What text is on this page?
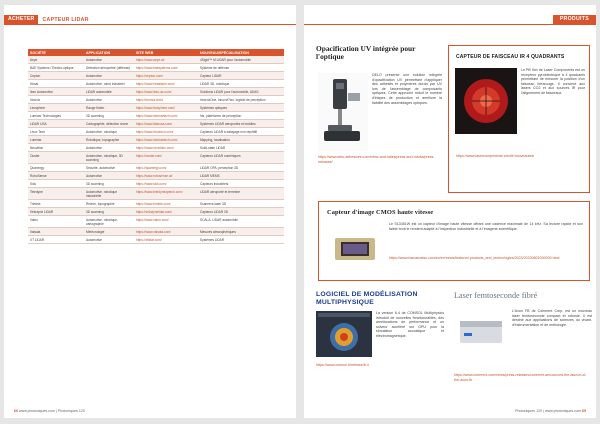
ACHETER	CAPTEUR LIDAR
SOCIÉTÉ	APPLICATION	SITE WEB	NOUVEAU/SPÉCIALISATION
Aeye	Automotive	https://www.aeye.ai/	4Sight™ M LiDAR pour l'automobile
BAE Systems / Electro-optique	Détection aéroportée (défense)	https://www.baesystems.com/	Système de défense
Cepton	Automotive	https://cepton.com/	Capteur LiDAR
Hesai	Automotive, robot industriel	https://www.hesaitech.com/	LiDAR 3D, robotique
Ibeo Automotive	LiDAR automobile	https://www.ibeo-as.com/	Solutions LiDAR pour l'automobile, ADAS
Innoviz	Automotive	https://innoviz.tech/	InnovizOne, InnovizTwo, logiciel de perception
Leosphere	Range finder	https://www.leosphere.com/	Systèmes optiques
Luminar Technologies	3D scanning	https://www.luminartech.com/	Iris, plateforme de perception
LiDAR USA	Cartographie, détection drone	https://www.lidarusa.com/	Systèmes LiDAR aéroportés et mobiles
Livox Tech	Automotive, robotique	https://www.livoxtech.com/	Capteurs LiDAR à balayage non répétitif
Luminar	Robotique, topographie	https://www.luminartech.com/	Mapping, localisation
Neuvition	Automotive	https://www.neuvition.com/	Solid-state LiDAR
Ouster	Automotive, robotique, 3D scanning	https://ouster.com/	Capteurs LiDAR numériques
Quanergy	Sécurité, automotive	https://quanergy.com/	LiDAR OPA, perception 3D
RoboSense	Automotive	https://www.robosense.ai/	LiDAR MEMS
Sick	3D scanning	https://www.sick.com/	Capteurs industriels
Teledyne	Automotive, robotique industrielle	https://www.teledyneoptech.com/	LiDAR aéroporté et terrestre
Trimble	Relevé, topographie	https://www.trimble.com/	Scanners laser 3D
Velodyne LiDAR	3D scanning	https://velodynelidar.com/	Capteurs LiDAR 3D
Valeo	Automotive, robotique, cartographie	https://www.valeo.com/	SCALA, LiDAR automobile
Vaisala	Météorologie	https://www.vaisala.com/	Mesures atmosphériques
XT LiDAR	Automotive	https://xtlidar.com/	Systèmes LiDAR
66 www.photoniques.com | Photoniques 120
PRODUITS
Opacification UV intégrée pour l'optique
DELO présente une solution intégrée d'opacification UV permettant d'appliquer des adhésifs et polymères durcis par UV lors de l'assemblage de composants optiques. Cette approche réduit le nombre d'étapes de production et améliore la fiabilité des assemblages optiques.
https://www.delo-adhesives.com/news-and-sales/press-and-media/press-releases/
CAPTEUR DE FAISCEAU IR 4 QUADRANTS
Le PB 9ch de Laser Components est un récepteur pyroélectrique à 4 quadrants permettant de mesurer la position d'un faisceau infrarouge. Il convient aux lasers CO2 et aux sources IR pour l'alignement de faisceaux.
https://www.lasercomponents.com/fr/nouveautes/
Capteur d'image CMOS haute vitesse
Le S13451W est un capteur d'image haute vitesse offrant une cadence maximale de 14 kHz. Sa lecture rapide et son faible bruit le rendent adapté à l'inspection industrielle et à l'imagerie scientifique.
https://www.hamamatsu.com/eu/en/news/featured-products_and_technologies/2023/20230801000000.html
LOGICIEL DE MODÉLISATION MULTIPHYSIQUE
La version 6.4 de COMSOL Multiphysics introduit de nouvelles fonctionnalités, des améliorations de performance et un solveur accéléré sur GPU pour la simulation acoustique et électromagnétique.
https://www.comsol.fr/release/6.4
Laser femtoseconde fibré
L'Axon FB de Coherent Corp. est un nouveau laser femtoseconde compact et robuste. Il est destiné aux applications de sciences du vivant, d'instrumentation et de métrologie.
https://www.coherent.com/news/press-releases/coherent-announced-the-launch-of-the-axon-fb
Photoniques 120 | www.photoniques.com 69
